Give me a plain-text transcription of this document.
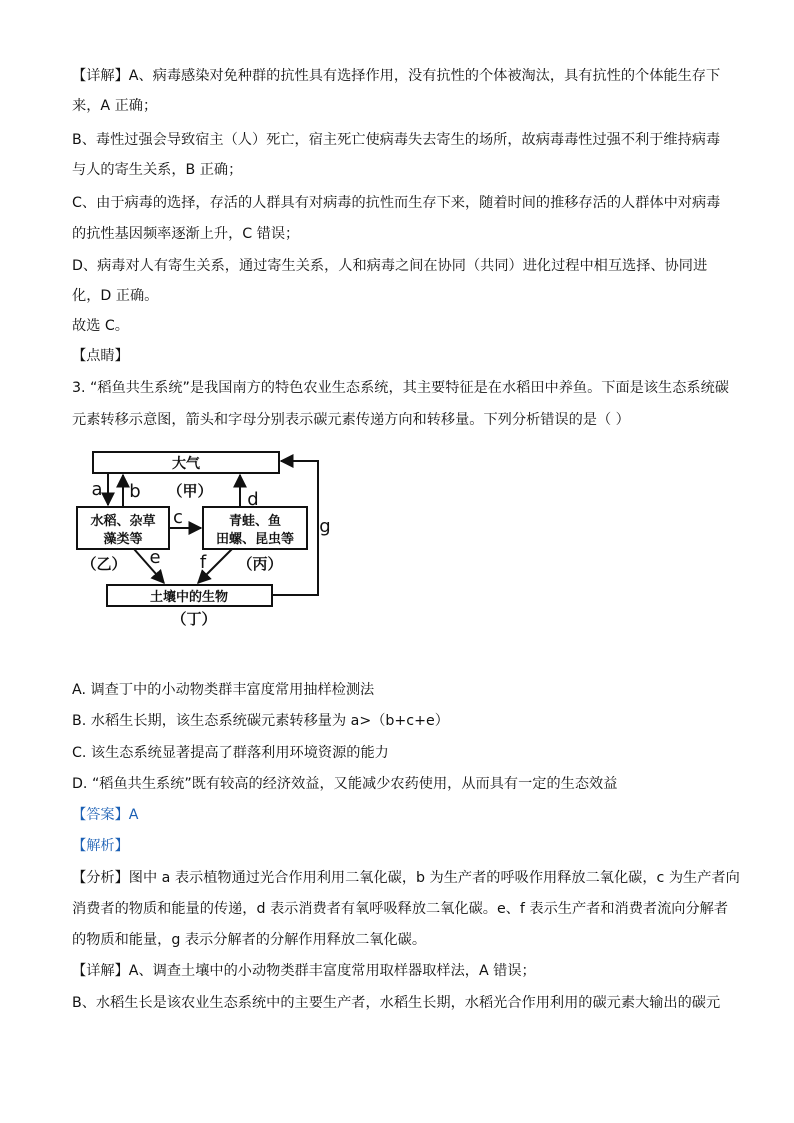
【详解】A、病毒感染对免种群的抗性具有选择作用，没有抗性的个体被淘汰，具有抗性的个体能生存下
来，A 正确；
B、毒性过强会导致宿主（人）死亡，宿主死亡使病毒失去寄生的场所，故病毒毒性过强不利于维持病毒
与人的寄生关系，B 正确；
C、由于病毒的选择，存活的人群具有对病毒的抗性而生存下来，随着时间的推移存活的人群体中对病毒
的抗性基因频率逐渐上升，C 错误；
D、病毒对人有寄生关系，通过寄生关系，人和病毒之间在协同（共同）进化过程中相互选择、协同进
化，D 正确。
故选 C。
【点睛】
3. “稻鱼共生系统”是我国南方的特色农业生态系统，其主要特征是在水稻田中养鱼。下面是该生态系统碳
元素转移示意图，箭头和字母分别表示碳元素传递方向和转移量。下列分析错误的是（ ）
大气
（甲）
水稻、杂草
藻类等
（乙）
青蛙、鱼
田螺、昆虫等
（丙）
土壤中的生物
（丁）
a b
c
d
e f
g
A. 调查丁中的小动物类群丰富度常用抽样检测法
B. 水稻生长期，该生态系统碳元素转移量为 a>（b+c+e）
C. 该生态系统显著提高了群落利用环境资源的能力
D. “稻鱼共生系统”既有较高的经济效益，又能减少农药使用，从而具有一定的生态效益
【答案】A
【解析】
【分析】图中 a 表示植物通过光合作用利用二氧化碳，b 为生产者的呼吸作用释放二氧化碳，c 为生产者向
消费者的物质和能量的传递，d 表示消费者有氧呼吸释放二氧化碳。e、f 表示生产者和消费者流向分解者
的物质和能量，g 表示分解者的分解作用释放二氧化碳。
【详解】A、调查土壤中的小动物类群丰富度常用取样器取样法，A 错误；
B、水稻生长是该农业生态系统中的主要生产者，水稻生长期，水稻光合作用利用的碳元素大输出的碳元
